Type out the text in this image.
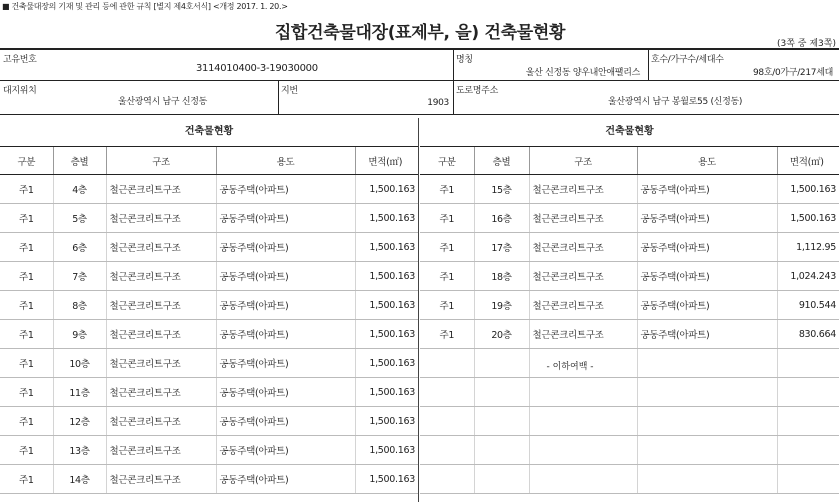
■ 건축물대장의 기재 및 관리 등에 관한 규칙 [별지 제4호서식] <개정 2017. 1. 20.>
집합건축물대장(표제부, 을) 건축물현황
(3쪽 중 제3쪽)
고유번호
3114010400-3-19030000
명칭
울산 신정동 양우내안애팰리스
호수/가구수/세대수
98호/0가구/217세대
대지위치
울산광역시 남구 신정동
지번
1903
도로명주소
울산광역시 남구 봉월로55 (신정동)
건축물현황	건축물현황
구분	층별	구조	용도	면적(㎡)
주1	4층	철근콘크리트구조	공동주택(아파트)	1,500.163
주1	5층	철근콘크리트구조	공동주택(아파트)	1,500.163
주1	6층	철근콘크리트구조	공동주택(아파트)	1,500.163
주1	7층	철근콘크리트구조	공동주택(아파트)	1,500.163
주1	8층	철근콘크리트구조	공동주택(아파트)	1,500.163
주1	9층	철근콘크리트구조	공동주택(아파트)	1,500.163
주1	10층	철근콘크리트구조	공동주택(아파트)	1,500.163
주1	11층	철근콘크리트구조	공동주택(아파트)	1,500.163
주1	12층	철근콘크리트구조	공동주택(아파트)	1,500.163
주1	13층	철근콘크리트구조	공동주택(아파트)	1,500.163
주1	14층	철근콘크리트구조	공동주택(아파트)	1,500.163
구분	층별	구조	용도	면적(㎡)
주1	15층	철근콘크리트구조	공동주택(아파트)	1,500.163
주1	16층	철근콘크리트구조	공동주택(아파트)	1,500.163
주1	17층	철근콘크리트구조	공동주택(아파트)	1,112.95
주1	18층	철근콘크리트구조	공동주택(아파트)	1,024.243
주1	19층	철근콘크리트구조	공동주택(아파트)	910.544
주1	20층	철근콘크리트구조	공동주택(아파트)	830.664

- 이하여백 -
